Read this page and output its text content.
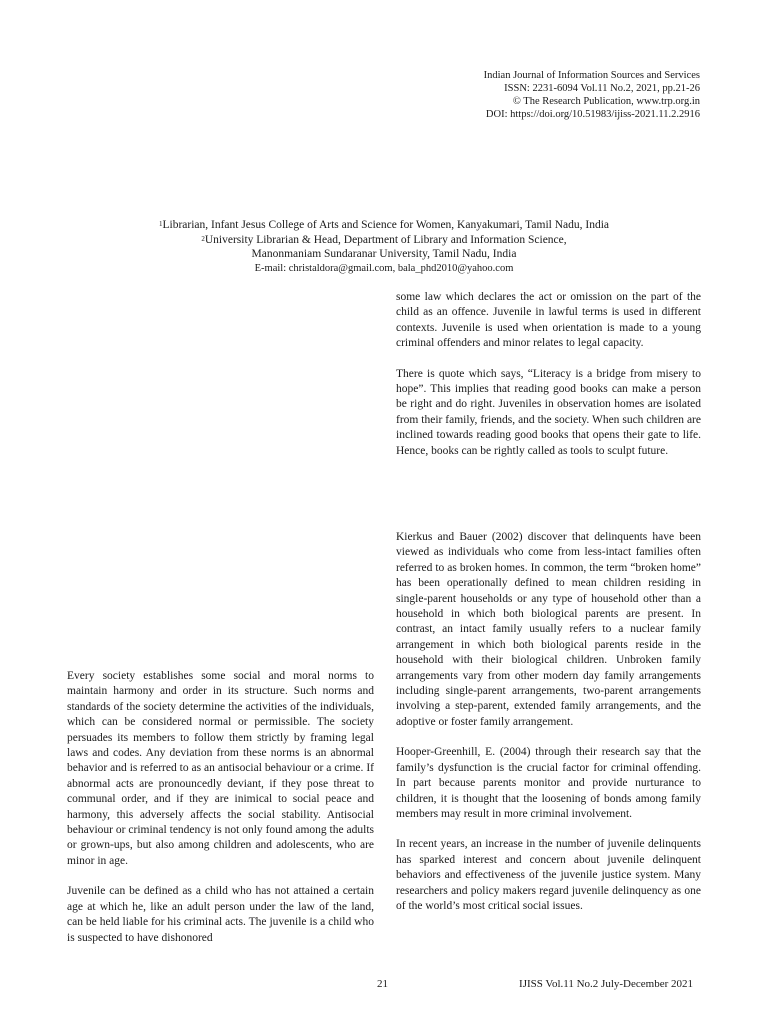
Indian Journal of Information Sources and Services
ISSN: 2231-6094 Vol.11 No.2, 2021, pp.21-26
© The Research Publication, www.trp.org.in
DOI: https://doi.org/10.51983/ijiss-2021.11.2.2916
$^1$Librarian, Infant Jesus College of Arts and Science for Women, Kanyakumari, Tamil Nadu, India
$^2$University Librarian & Head, Department of Library and Information Science,
Manonmaniam Sundaranar University, Tamil Nadu, India
E-mail: christaldora@gmail.com, bala_phd2010@yahoo.com

Every society establishes some social and moral norms to maintain harmony and order in its structure. Such norms and standards of the society determine the activities of the individuals, which can be considered normal or permissible. The society persuades its members to follow them strictly by framing legal laws and codes. Any deviation from these norms is an abnormal behavior and is referred to as an antisocial behaviour or a crime. If abnormal acts are pronouncedly deviant, if they pose threat to communal order, and if they are inimical to social peace and harmony, this adversely affects the social stability. Antisocial behaviour or criminal tendency is not only found among the adults or grown-ups, but also among children and adolescents, who are minor in age.

Juvenile can be defined as a child who has not attained a certain age at which he, like an adult person under the law of the land, can be held liable for his criminal acts. The juvenile is a child who is suspected to have dishonored

some law which declares the act or omission on the part of the child as an offence. Juvenile in lawful terms is used in different contexts. Juvenile is used when orientation is made to a young criminal offenders and minor relates to legal capacity.

There is quote which says, “Literacy is a bridge from misery to hope”. This implies that reading good books can make a person be right and do right. Juveniles in observation homes are isolated from their family, friends, and the society. When such children are inclined towards reading good books that opens their gate to life. Hence, books can be rightly called as tools to sculpt future.

Kierkus and Bauer (2002) discover that delinquents have been viewed as individuals who come from less-intact families often referred to as broken homes. In common, the term “broken home” has been operationally defined to mean children residing in single-parent households or any type of household other than a household in which both biological parents are present. In contrast, an intact family usually refers to a nuclear family arrangement in which both biological parents reside in the household with their biological children. Unbroken family arrangements vary from other modern day family arrangements including single-parent arrangements, two-parent arrangements involving a step-parent, extended family arrangements, and the adoptive or foster family arrangement.

Hooper-Greenhill, E. (2004) through their research say that the family’s dysfunction is the crucial factor for criminal offending. In part because parents monitor and provide nurturance to children, it is thought that the loosening of bonds among family members may result in more criminal involvement.

In recent years, an increase in the number of juvenile delinquents has sparked interest and concern about juvenile delinquent behaviors and effectiveness of the juvenile justice system. Many researchers and policy makers regard juvenile delinquency as one of the world’s most critical social issues.

21	IJISS Vol.11 No.2 July-December 2021
